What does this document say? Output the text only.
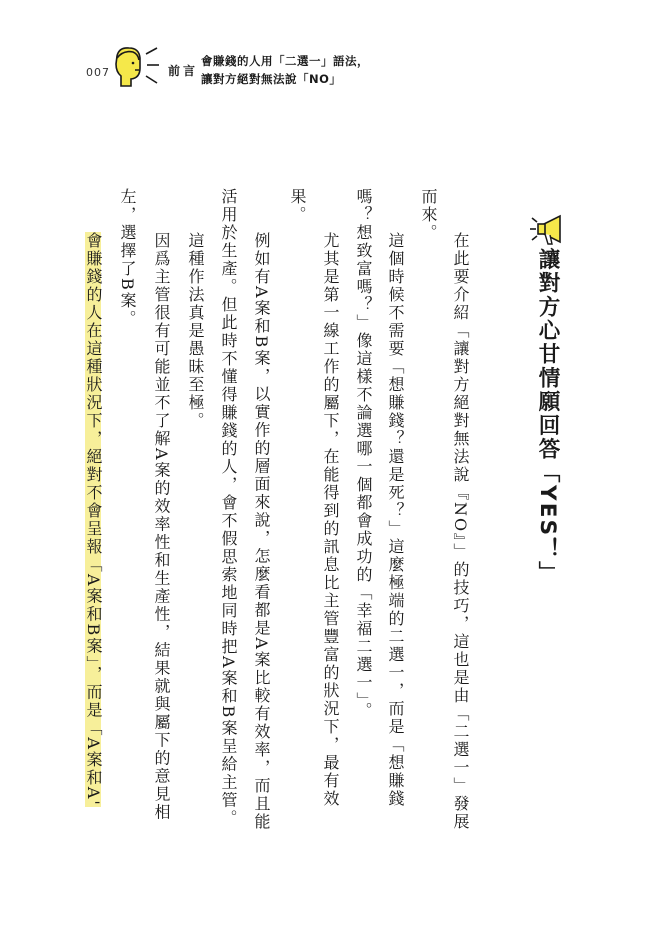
007	前言
會賺錢的人用「二選一」語法，
讓對方絕對無法說「NO」
讓對方心甘情願回答「YES！」
在此要介紹「讓對方絕對無法說『NO』」的技巧，這也是由「二選一」發展
而來。
這個時候不需要「想賺錢？還是死？」這麼極端的二選一，而是「想賺錢
嗎？想致富嗎？」像這樣不論選哪一個都會成功的「幸福二選一」。
尤其是第一線工作的屬下，在能得到的訊息比主管豐富的狀況下，最有效
果。
例如有A案和B案，以實作的層面來說，怎麼看都是A案比較有效率，而且能
活用於生產。但此時不懂得賺錢的人，會不假思索地同時把A案和B案呈給主管。
這種作法真是愚昧至極。
因爲主管很有可能並不了解A案的效率性和生產性，結果就與屬下的意見相
左，選擇了B案。
會賺錢的人在這種狀況下，絕對不會呈報「A案和B案」，而是「A案和A'
